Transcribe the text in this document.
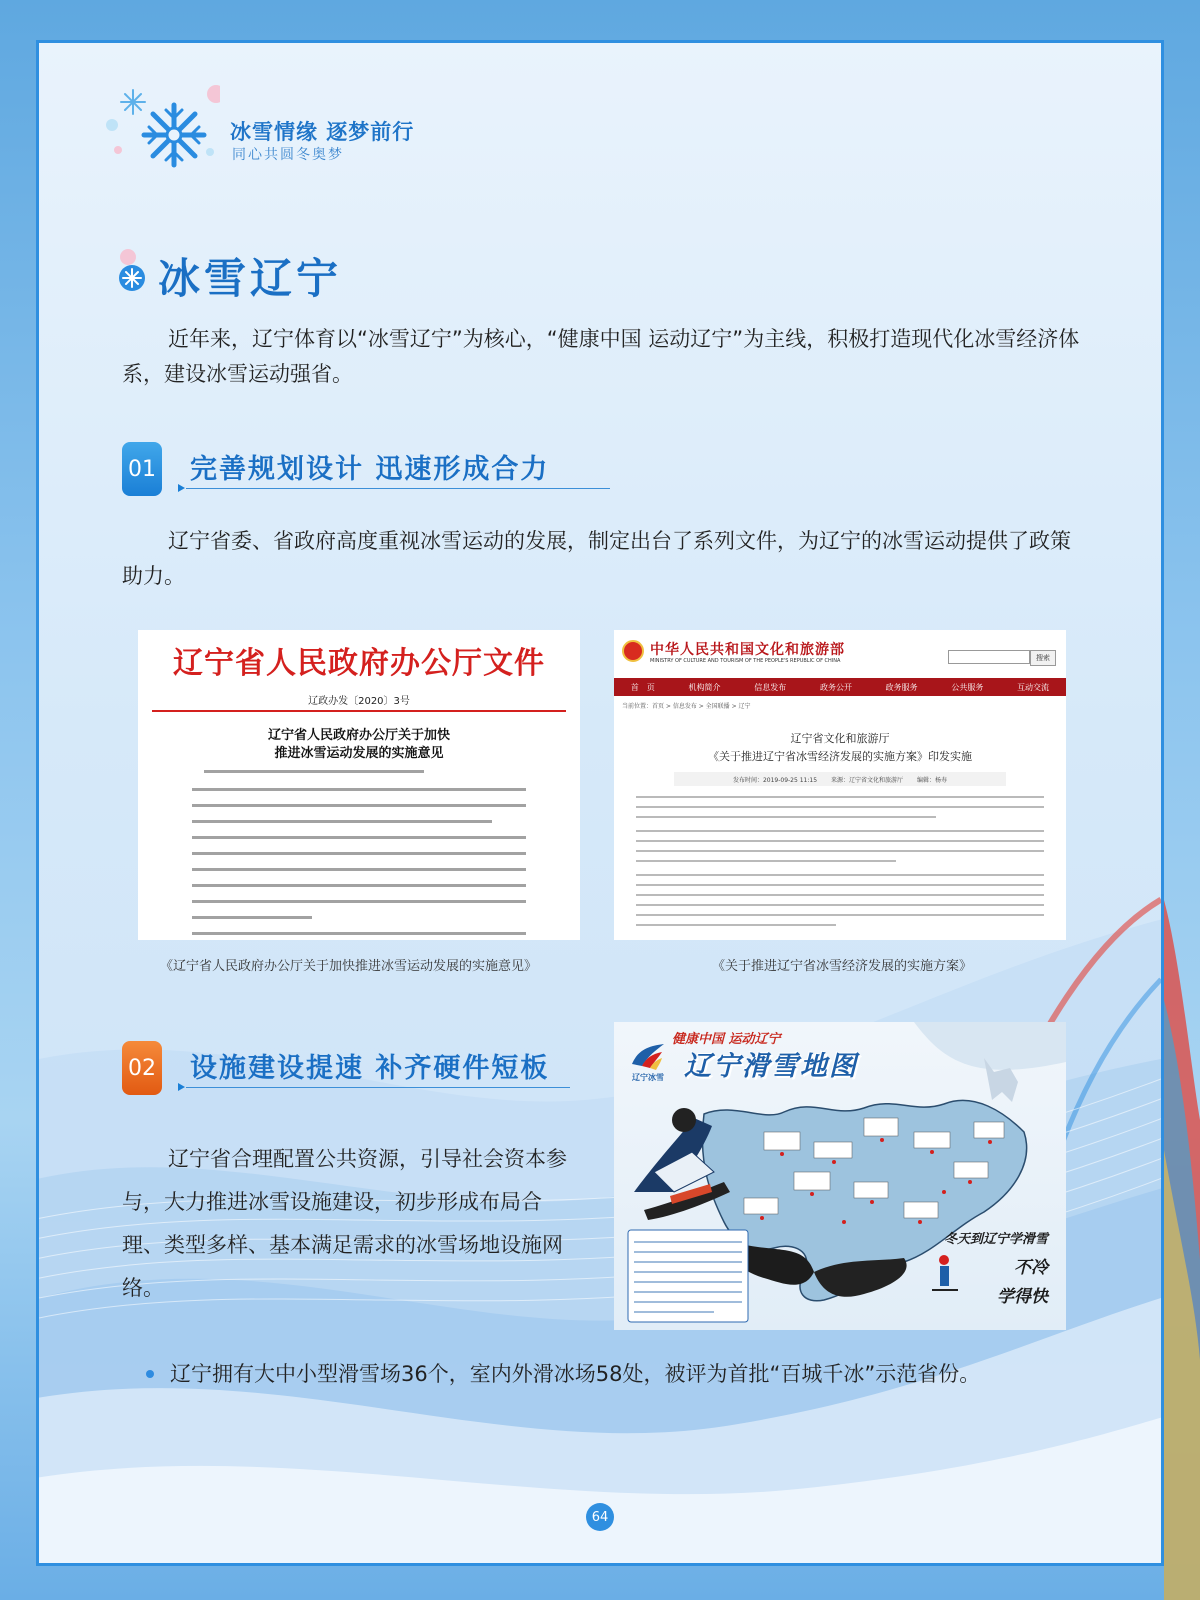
冰雪情缘 逐梦前行
同心共圆冬奥梦
冰雪辽宁
近年来，辽宁体育以“冰雪辽宁”为核心，“健康中国 运动辽宁”为主线，积极打造现代化冰雪经济体系，建设冰雪运动强省。
01 完善规划设计 迅速形成合力
辽宁省委、省政府高度重视冰雪运动的发展，制定出台了系列文件，为辽宁的冰雪运动提供了政策助力。
辽宁省人民政府办公厅文件
辽政办发〔2020〕3号
辽宁省人民政府办公厅关于加快
推进冰雪运动发展的实施意见
《辽宁省人民政府办公厅关于加快推进冰雪运动发展的实施意见》
中华人民共和国文化和旅游部
MINISTRY OF CULTURE AND TOURISM OF THE PEOPLE'S REPUBLIC OF CHINA	搜索
首　页	机构简介	信息发布	政务公开	政务服务	公共服务	互动交流
当前位置：首页 > 信息发布 > 全国联播 > 辽宁
辽宁省文化和旅游厅
《关于推进辽宁省冰雪经济发展的实施方案》印发实施
发布时间：2019-09-25 11:15 来源：辽宁省文化和旅游厅 编辑：杨寿
《关于推进辽宁省冰雪经济发展的实施方案》
02 设施建设提速 补齐硬件短板
辽宁省合理配置公共资源，引导社会资本参与，大力推进冰雪设施建设，初步形成布局合理、类型多样、基本满足需求的冰雪场地设施网络。
辽宁冰雪
健康中国 运动辽宁
辽宁滑雪地图
冬天到辽宁学滑雪
不冷
学得快
辽宁拥有大中小型滑雪场36个，室内外滑冰场58处，被评为首批“百城千冰”示范省份。
64
